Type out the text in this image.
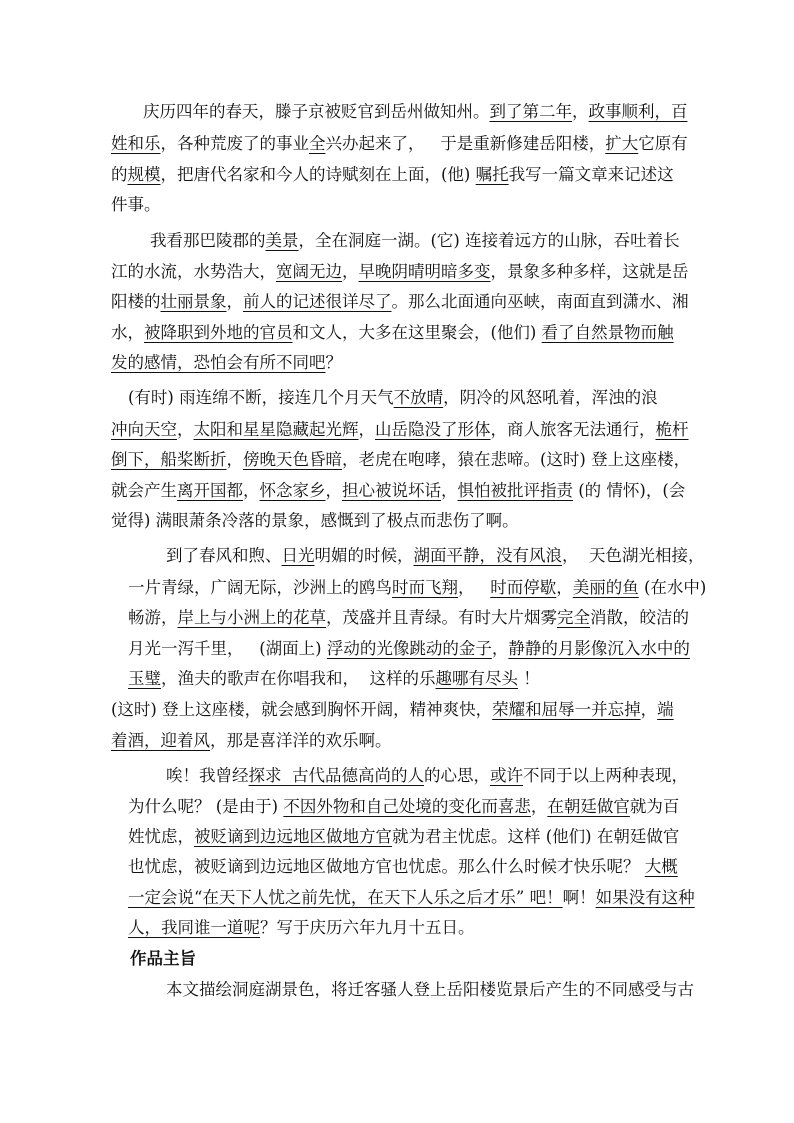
庆历四年的春天，滕子京被贬官到岳州做知州。到了第二年，政事顺利，百
姓和乐，各种荒废了的事业全兴办起来了，   于是重新修建岳阳楼，扩大它原有
的规模，把唐代名家和今人的诗赋刻在上面，(他) 嘱托我写一篇文章来记述这
件事。
我看那巴陵郡的美景，全在洞庭一湖。(它) 连接着远方的山脉，吞吐着长
江的水流，水势浩大，宽阔无边，早晚阴晴明暗多变，景象多种多样，这就是岳
阳楼的壮丽景象，前人的记述很详尽了。那么北面通向巫峡，南面直到潇水、湘
水，被降职到外地的官员和文人，大多在这里聚会，(他们) 看了自然景物而触
发的感情，恐怕会有所不同吧？
(有时) 雨连绵不断，接连几个月天气不放晴，阴冷的风怒吼着，浑浊的浪
冲向天空，太阳和星星隐藏起光辉，山岳隐没了形体，商人旅客无法通行，桅杆
倒下，船桨断折，傍晚天色昏暗，老虎在咆哮，猿在悲啼。(这时) 登上这座楼，
就会产生离开国都，怀念家乡，担心被说坏话，惧怕被批评指责 (的 情怀)，(会
觉得) 满眼萧条冷落的景象，感慨到了极点而悲伤了啊。
到了春风和煦、日光明媚的时候，湖面平静，没有风浪，  天色湖光相接，
一片青绿，广阔无际，沙洲上的鸥鸟时而飞翔，   时而停歇，美丽的鱼 (在水中)
畅游，岸上与小洲上的花草，茂盛并且青绿。有时大片烟雾完全消散，皎洁的
月光一泻千里，   (湖面上) 浮动的光像跳动的金子，静静的月影像沉入水中的
玉璧，渔夫的歌声在你唱我和，  这样的乐趣哪有尽头 ！
(这时) 登上这座楼，就会感到胸怀开阔，精神爽快，荣耀和屈辱一并忘掉，端
着酒，迎着风，那是喜洋洋的欢乐啊。
唉！我曾经探求  古代品德高尚的人的心思，或许不同于以上两种表现，
为什么呢？ (是由于) 不因外物和自己处境的变化而喜悲，在朝廷做官就为百
姓忧虑，被贬谪到边远地区做地方官就为君主忧虑。这样 (他们) 在朝廷做官
也忧虑，被贬谪到边远地区做地方官也忧虑。那么什么时候才快乐呢？ 大概
一定会说“在天下人忧之前先忧，在天下人乐之后才乐” 吧！啊！如果没有这种
人，我同谁一道呢？写于庆历六年九月十五日。
作品主旨
本文描绘洞庭湖景色，将迁客骚人登上岳阳楼览景后产生的不同感受与古
